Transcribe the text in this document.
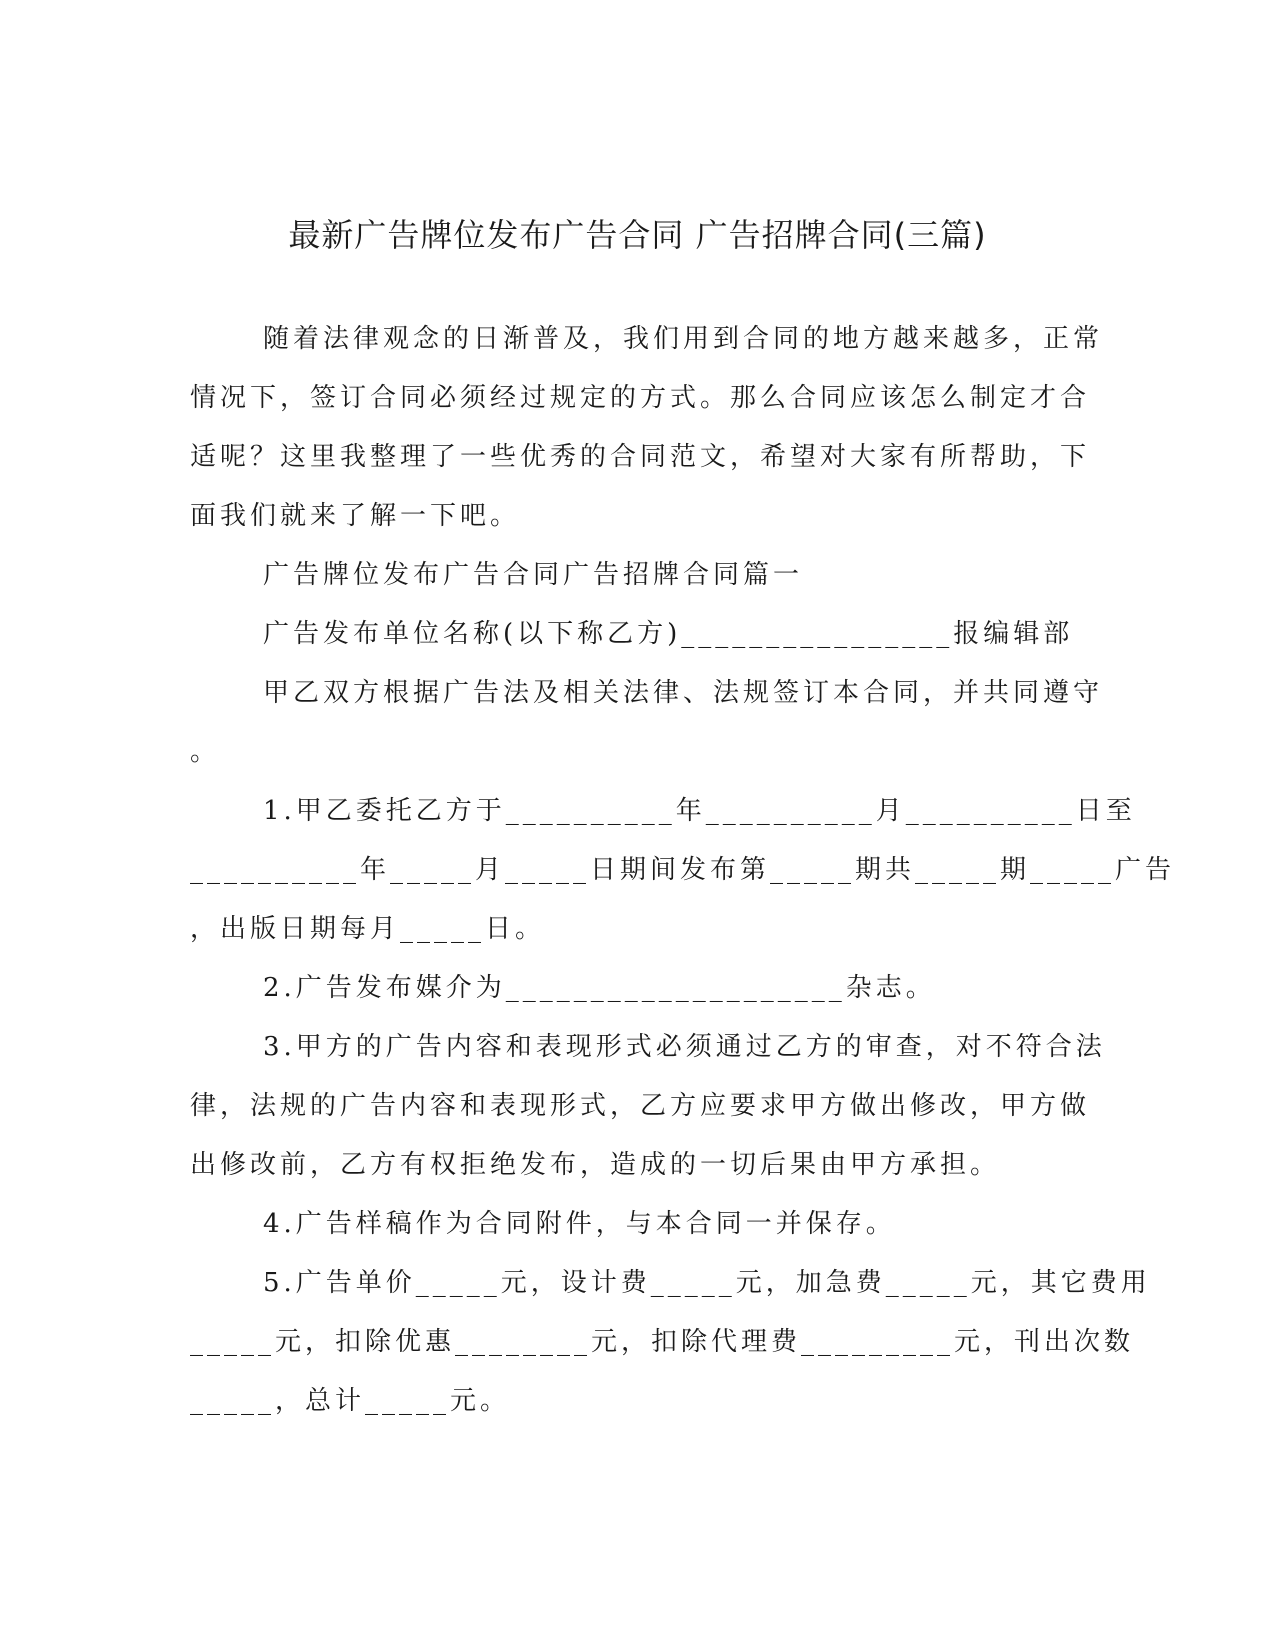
最新广告牌位发布广告合同 广告招牌合同(三篇)

随着法律观念的日渐普及，我们用到合同的地方越来越多，正常

情况下，签订合同必须经过规定的方式。那么合同应该怎么制定才合

适呢？这里我整理了一些优秀的合同范文，希望对大家有所帮助，下

面我们就来了解一下吧。

广告牌位发布广告合同广告招牌合同篇一

广告发布单位名称(以下称乙方)________________报编辑部

甲乙双方根据广告法及相关法律、法规签订本合同，并共同遵守

。

1.甲乙委托乙方于__________年__________月__________日至

__________年_____月_____日期间发布第_____期共_____期_____广告

，出版日期每月_____日。

2.广告发布媒介为____________________杂志。

3.甲方的广告内容和表现形式必须通过乙方的审查，对不符合法

律，法规的广告内容和表现形式，乙方应要求甲方做出修改，甲方做

出修改前，乙方有权拒绝发布，造成的一切后果由甲方承担。

4.广告样稿作为合同附件，与本合同一并保存。

5.广告单价_____元，设计费_____元，加急费_____元，其它费用

_____元，扣除优惠________元，扣除代理费_________元，刊出次数

_____，总计_____元。
